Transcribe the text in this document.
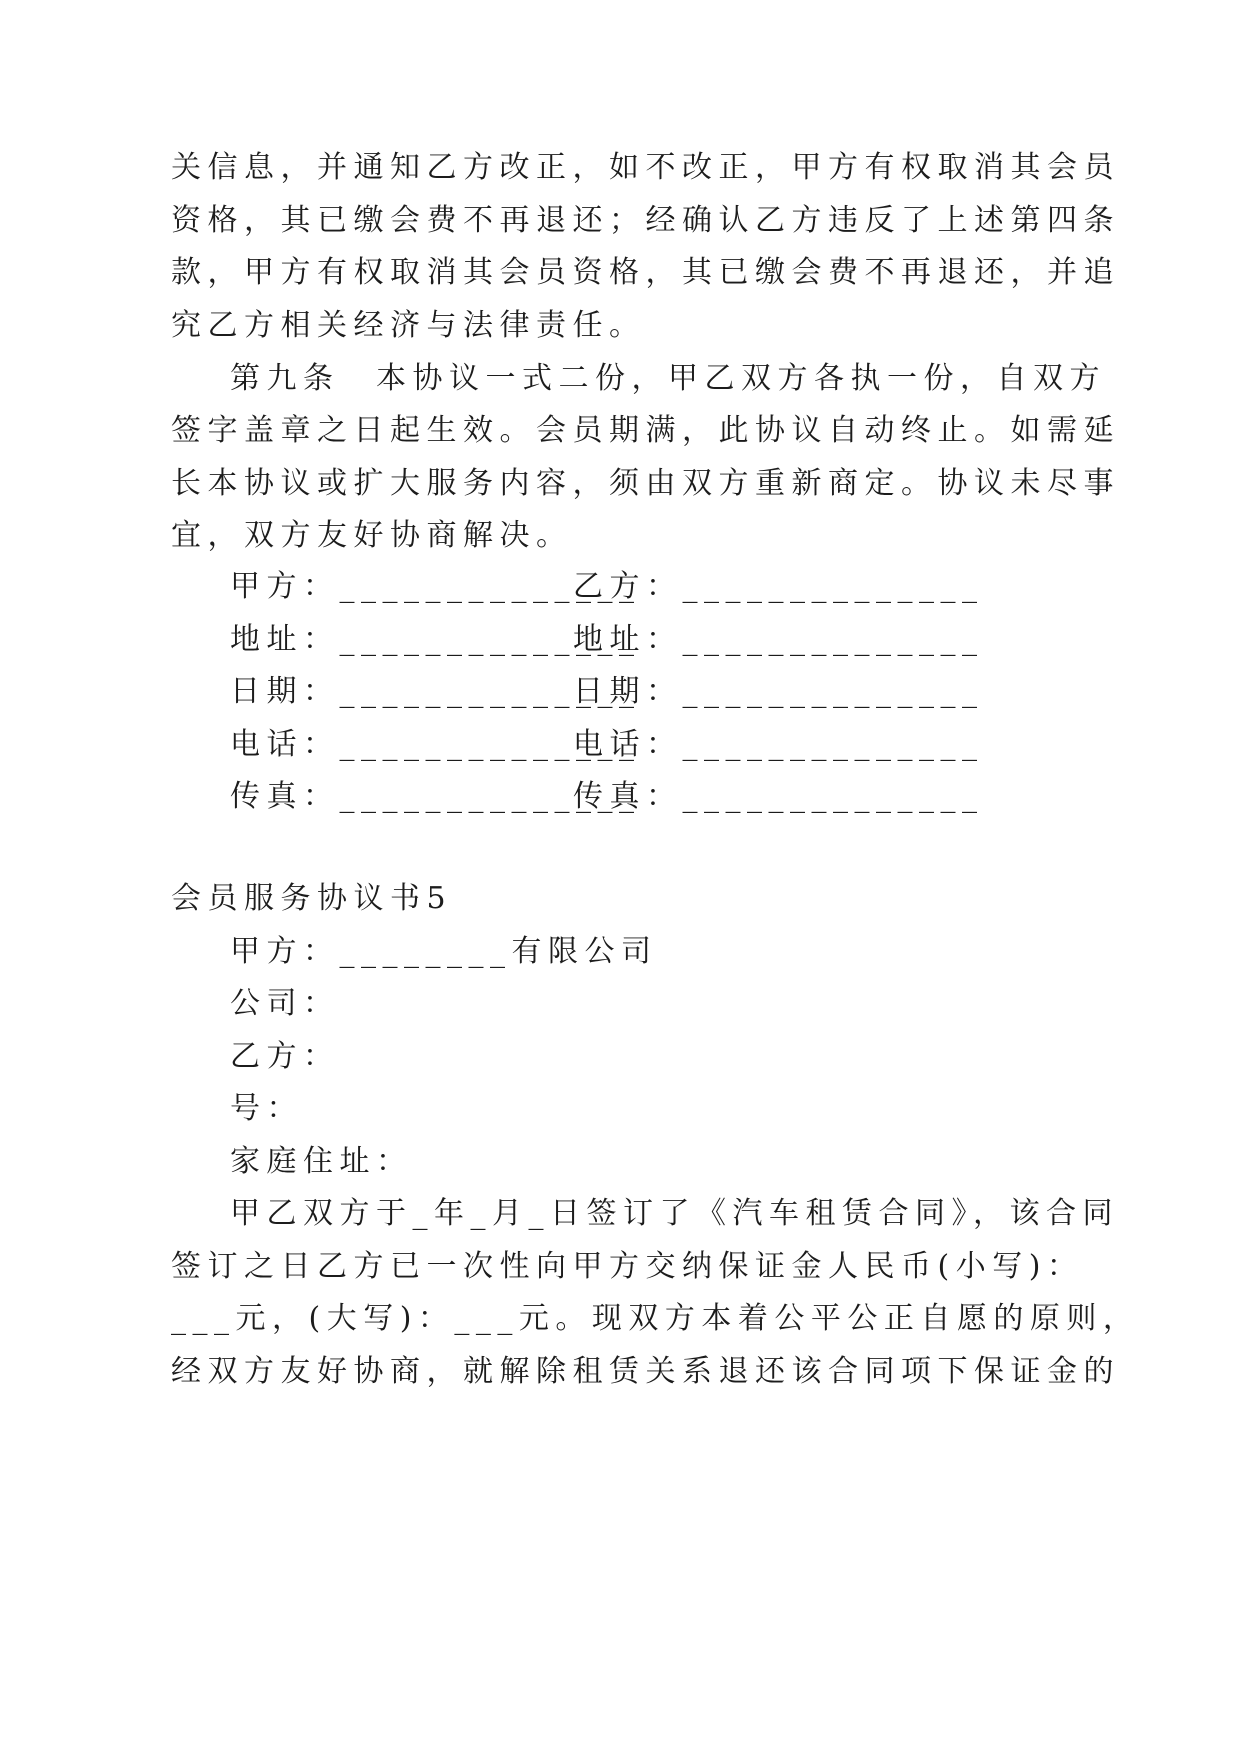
关信息，并通知乙方改正，如不改正，甲方有权取消其会员
资格，其已缴会费不再退还；经确认乙方违反了上述第四条
款，甲方有权取消其会员资格，其已缴会费不再退还，并追
究乙方相关经济与法律责任。
第九条　本协议一式二份，甲乙双方各执一份，自双方
签字盖章之日起生效。会员期满，此协议自动终止。如需延
长本协议或扩大服务内容，须由双方重新商定。协议未尽事
宜，双方友好协商解决。
甲方：______________
乙方：______________
地址：______________
地址：______________
日期：______________
日期：______________
电话：______________
电话：______________
传真：______________
传真：______________
会员服务协议书5
甲方：________有限公司
公司：
乙方：
号：
家庭住址：
甲乙双方于_年_月_日签订了《汽车租赁合同》，该合同
签订之日乙方已一次性向甲方交纳保证金人民币(小写)：
___元，(大写)：___元。现双方本着公平公正自愿的原则，
经双方友好协商，就解除租赁关系退还该合同项下保证金的
